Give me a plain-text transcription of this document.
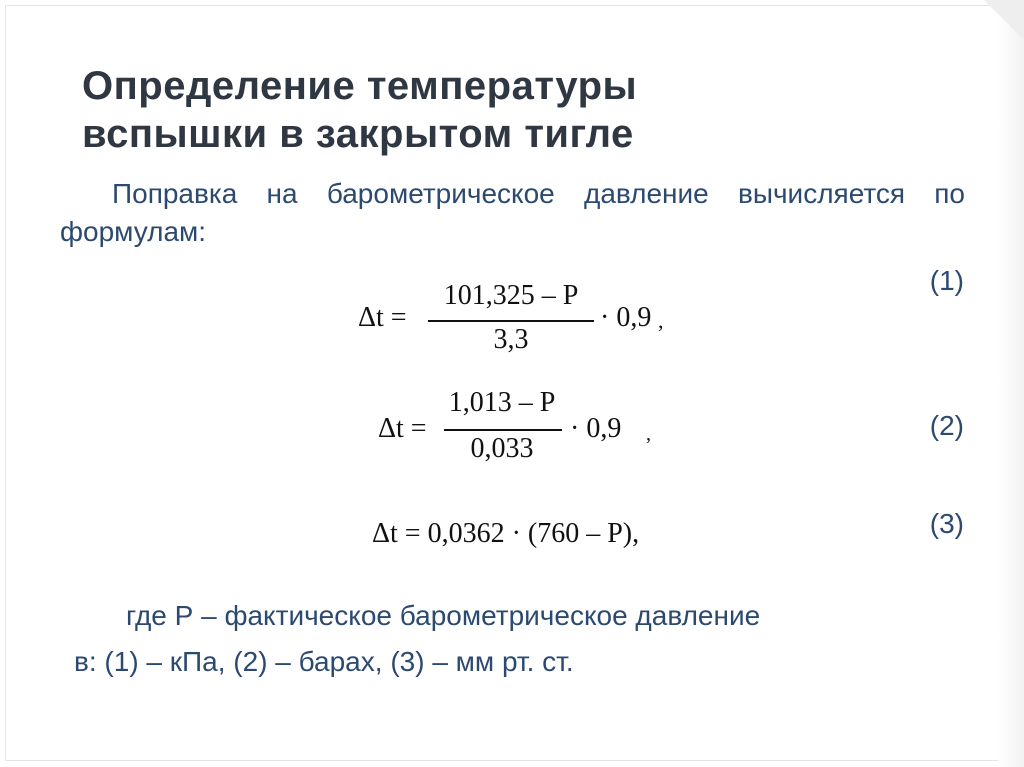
Определение температуры
вспышки в закрытом тигле
Поправка на барометрическое давление вычисляется по формулам:
(1)
Δt =
101,325 – P
3,3
· 0,9 ,
(2)
Δt =
1,013 – P
0,033
· 0,9 ,
(3)
Δt = 0,0362 · (760 – P),
где Р – фактическое барометрическое давление
в: (1) – кПа, (2) – барах, (3) – мм рт. ст.
